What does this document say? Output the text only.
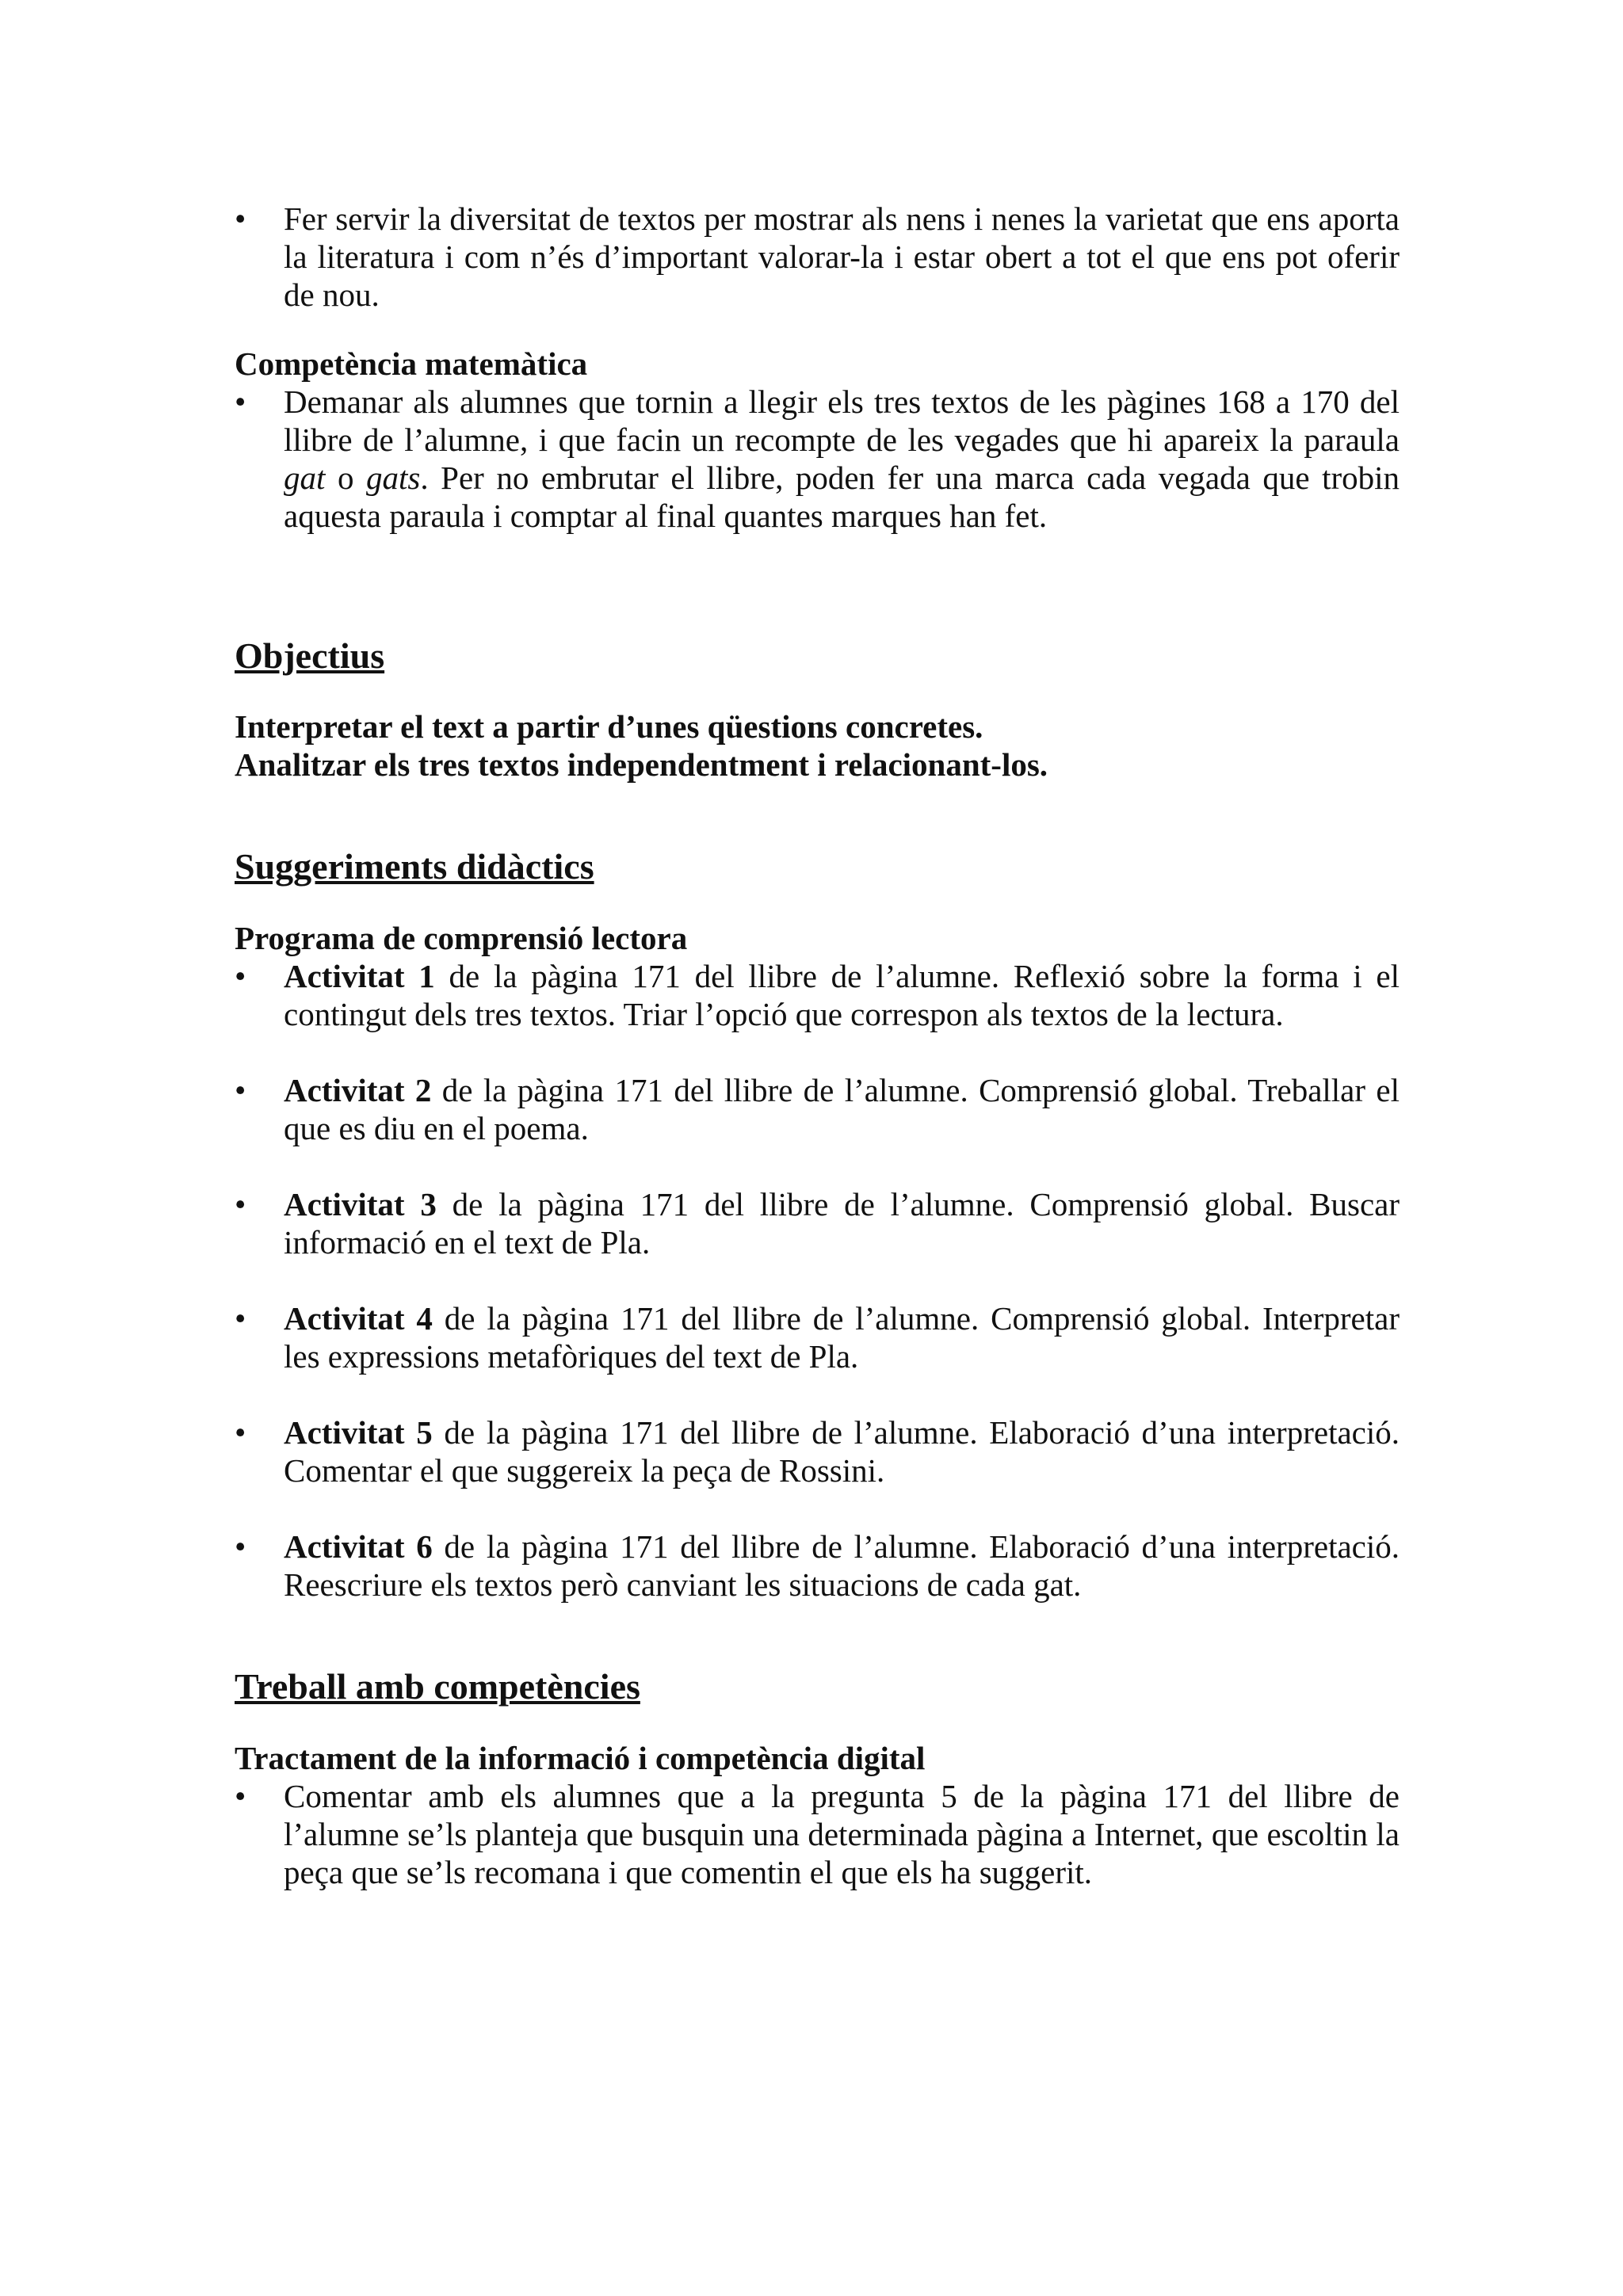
• Fer servir la diversitat de textos per mostrar als nens i nenes la varietat que ens aporta la literatura i com n’és d’important valorar-la i estar obert a tot el que ens pot oferir de nou.

Competència matemàtica

• Demanar als alumnes que tornin a llegir els tres textos de les pàgines 168 a 170 del llibre de l’alumne, i que facin un recompte de les vegades que hi apareix la paraula gat o gats. Per no embrutar el llibre, poden fer una marca cada vegada que trobin aquesta paraula i comptar al final quantes marques han fet.
Objectius

Interpretar el text a partir d’unes qüestions concretes.

Analitzar els tres textos independentment i relacionant-los.

Suggeriments didàctics

Programa de comprensió lectora

• Activitat 1 de la pàgina 171 del llibre de l’alumne. Reflexió sobre la forma i el contingut dels tres textos. Triar l’opció que correspon als textos de la lectura.
• Activitat 2 de la pàgina 171 del llibre de l’alumne. Comprensió global. Treballar el que es diu en el poema.
• Activitat 3 de la pàgina 171 del llibre de l’alumne. Comprensió global. Buscar informació en el text de Pla.
• Activitat 4 de la pàgina 171 del llibre de l’alumne. Comprensió global. Interpretar les expressions metafòriques del text de Pla.
• Activitat 5 de la pàgina 171 del llibre de l’alumne. Elaboració d’una interpretació. Comentar el que suggereix la peça de Rossini.
• Activitat 6 de la pàgina 171 del llibre de l’alumne. Elaboració d’una interpretació. Reescriure els textos però canviant les situacions de cada gat.
Treball amb competències

Tractament de la informació i competència digital

• Comentar amb els alumnes que a la pregunta 5 de la pàgina 171 del llibre de l’alumne se’ls planteja que busquin una determinada pàgina a Internet, que escoltin la peça que se’ls recomana i que comentin el que els ha suggerit.
